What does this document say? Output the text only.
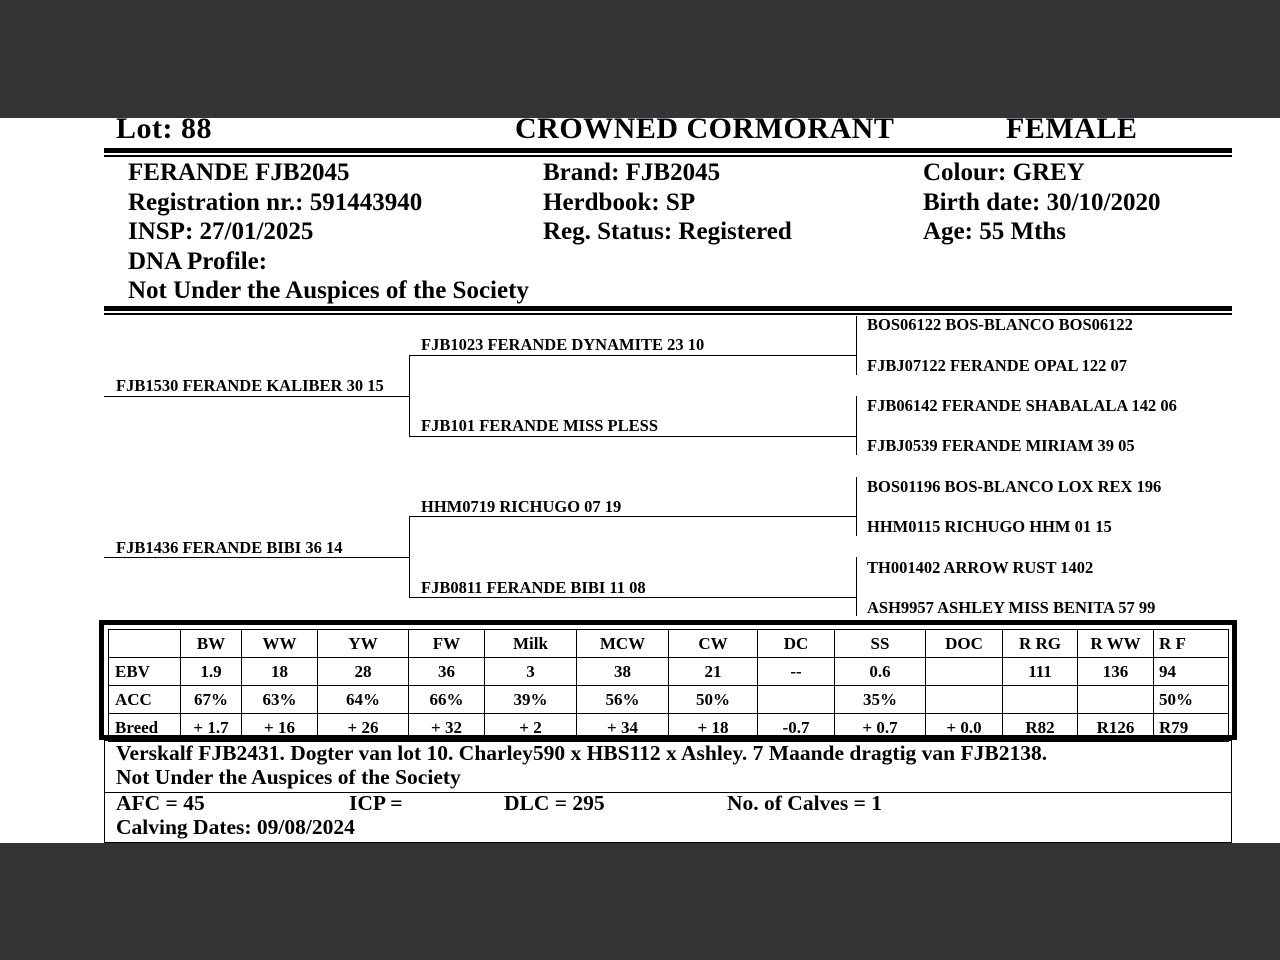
Lot: 88	CROWNED CORMORANT	FEMALE
FERANDE FJB2045
Registration nr.: 591443940
INSP: 27/01/2025
DNA Profile:
Not Under the Auspices of the Society
Brand: FJB2045
Herdbook: SP
Reg. Status: Registered
Colour: GREY
Birth date: 30/10/2020
Age: 55 Mths
FJB1530 FERANDE KALIBER 30 15
FJB1436 FERANDE BIBI 36 14
FJB1023 FERANDE DYNAMITE 23 10
FJB101 FERANDE MISS PLESS
HHM0719 RICHUGO 07 19
FJB0811 FERANDE BIBI 11 08
BOS06122 BOS-BLANCO BOS06122
FJBJ07122 FERANDE OPAL 122 07
FJB06142 FERANDE SHABALALA 142 06
FJBJ0539 FERANDE MIRIAM 39 05
BOS01196 BOS-BLANCO LOX REX 196
HHM0115 RICHUGO HHM 01 15
TH001402 ARROW RUST 1402
ASH9957 ASHLEY MISS BENITA 57 99
	BW	WW	YW	FW	Milk	MCW	CW	DC	SS	DOC	R RG	R WW	R F
EBV	1.9	18	28	36	3	38	21	--	0.6		111	136	94
ACC	67%	63%	64%	66%	39%	56%	50%		35%				50%
Breed	+ 1.7	+ 16	+ 26	+ 32	+ 2	+ 34	+ 18	-0.7	+ 0.7	+ 0.0	R82	R126	R79
Verskalf FJB2431. Dogter van lot 10. Charley590 x HBS112 x Ashley. 7 Maande dragtig van FJB2138.
Not Under the Auspices of the Society
AFC = 45	ICP =	DLC = 295	No. of Calves = 1
Calving Dates: 09/08/2024
